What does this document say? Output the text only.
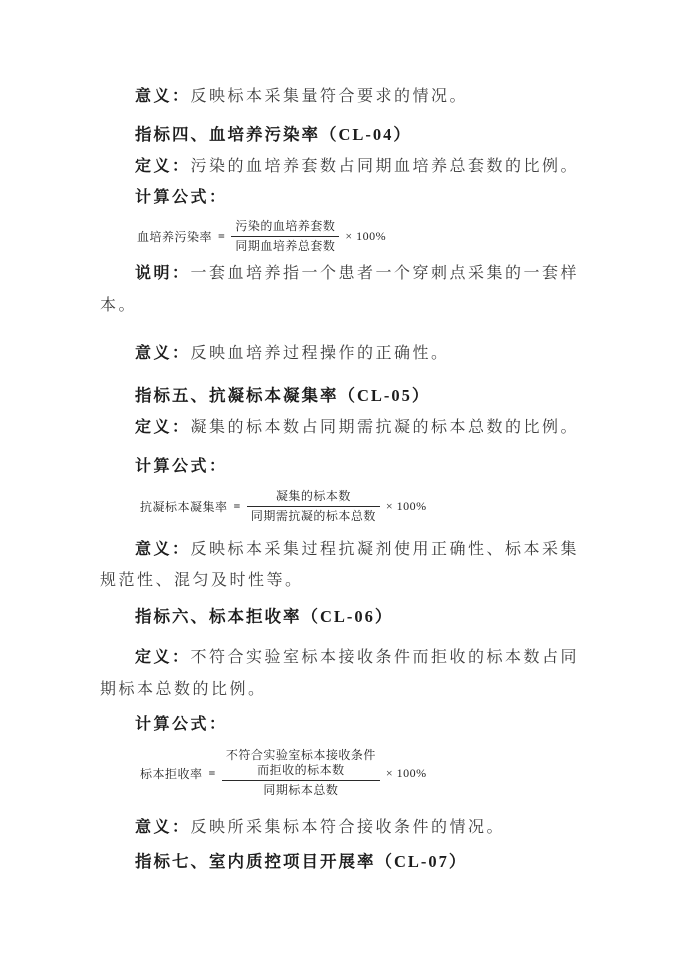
意义：反映标本采集量符合要求的情况。
指标四、血培养污染率（CL-04）
定义：污染的血培养套数占同期血培养总套数的比例。
计算公式：
血培养污染率 = $\frac{\text{污染的血培养套数}}{\text{同期血培养总套数}} \times 100\%$
说明：一套血培养指一个患者一个穿刺点采集的一套样
本。
意义：反映血培养过程操作的正确性。
指标五、抗凝标本凝集率（CL-05）
定义：凝集的标本数占同期需抗凝的标本总数的比例。
计算公式：
抗凝标本凝集率 = $\frac{\text{凝集的标本数}}{\text{同期需抗凝的标本总数}} \times 100\%$
意义：反映标本采集过程抗凝剂使用正确性、标本采集
规范性、混匀及时性等。
指标六、标本拒收率（CL-06）
定义：不符合实验室标本接收条件而拒收的标本数占同
期标本总数的比例。
计算公式：
标本拒收率 = 不符合实验室标本接收条件
而拒收的标本数
同期标本总数 × 100%
意义：反映所采集标本符合接收条件的情况。
指标七、室内质控项目开展率（CL-07）
